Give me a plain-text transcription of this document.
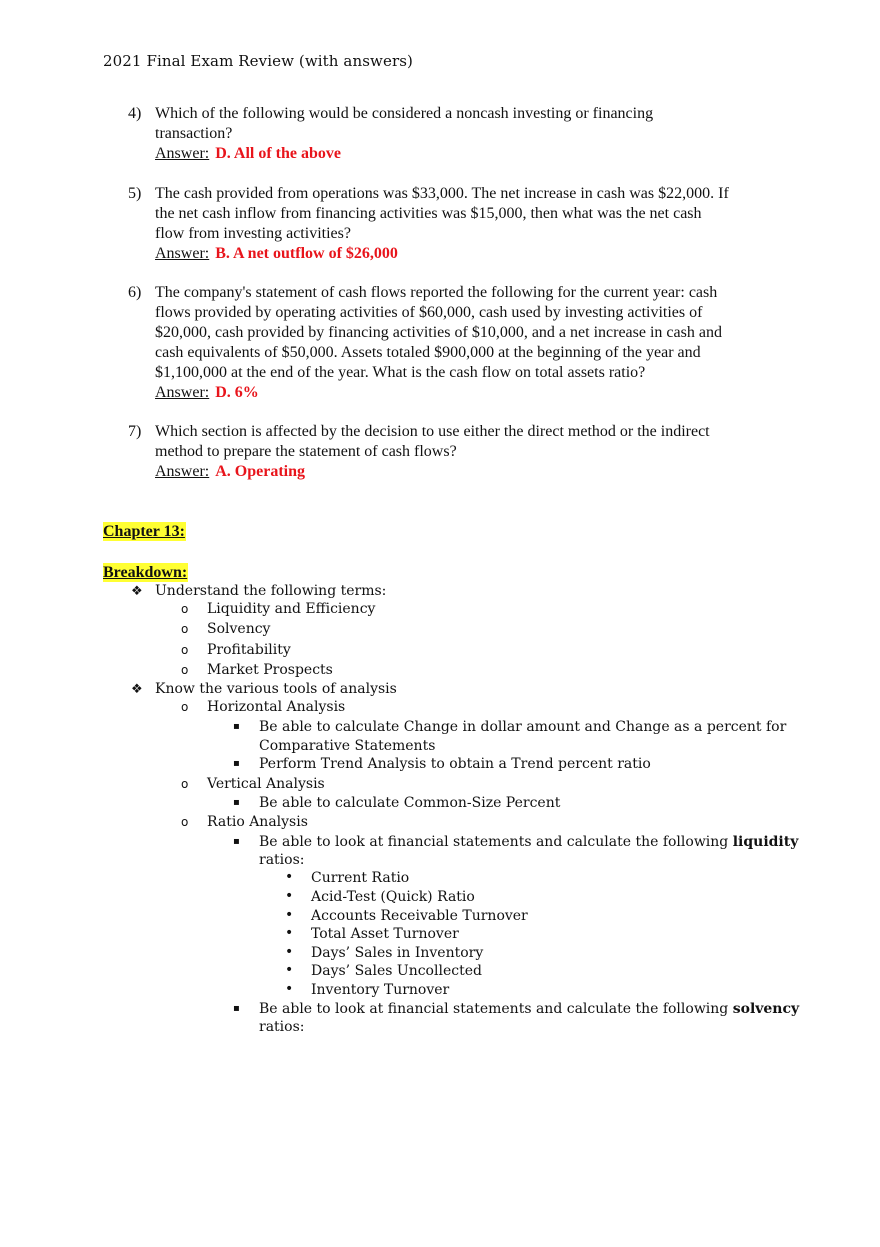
2021 Final Exam Review (with answers)
4) Which of the following would be considered a noncash investing or financing
transaction?
Answer: D. All of the above
5) The cash provided from operations was $33,000. The net increase in cash was $22,000. If
the net cash inflow from financing activities was $15,000, then what was the net cash
flow from investing activities?
Answer: B. A net outflow of $26,000
6) The company's statement of cash flows reported the following for the current year: cash
flows provided by operating activities of $60,000, cash used by investing activities of
$20,000, cash provided by financing activities of $10,000, and a net increase in cash and
cash equivalents of $50,000. Assets totaled $900,000 at the beginning of the year and
$1,100,000 at the end of the year. What is the cash flow on total assets ratio?
Answer: D. 6%
7) Which section is affected by the decision to use either the direct method or the indirect
method to prepare the statement of cash flows?
Answer: A. Operating
Chapter 13:
Breakdown:
❖ Understand the following terms:
o Liquidity and Efficiency
o Solvency
o Profitability
o Market Prospects
❖ Know the various tools of analysis
o Horizontal Analysis
▪ Be able to calculate Change in dollar amount and Change as a percent for
Comparative Statements
▪ Perform Trend Analysis to obtain a Trend percent ratio
o Vertical Analysis
▪ Be able to calculate Common-Size Percent
o Ratio Analysis
▪ Be able to look at financial statements and calculate the following liquidity
ratios:
• Current Ratio
• Acid-Test (Quick) Ratio
• Accounts Receivable Turnover
• Total Asset Turnover
• Days’ Sales in Inventory
• Days’ Sales Uncollected
• Inventory Turnover
▪ Be able to look at financial statements and calculate the following solvency
ratios:
